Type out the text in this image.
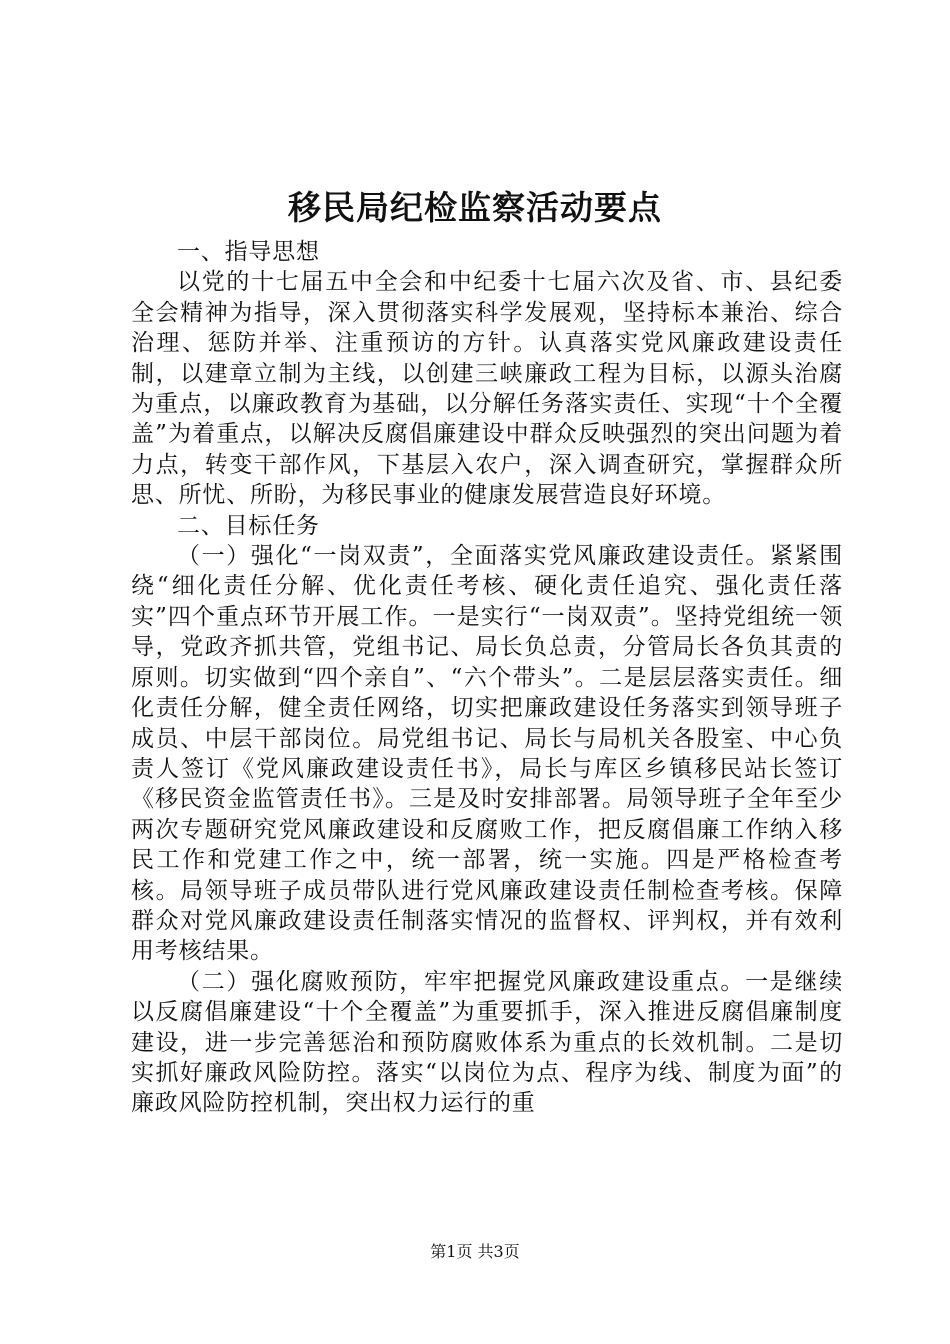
移民局纪检监察活动要点

一、指导思想

以党的十七届五中全会和中纪委十七届六次及省、市、县纪委全会精神为指导，深入贯彻落实科学发展观，坚持标本兼治、综合治理、惩防并举、注重预访的方针。认真落实党风廉政建设责任制，以建章立制为主线，以创建三峡廉政工程为目标，以源头治腐为重点，以廉政教育为基础，以分解任务落实责任、实现“十个全覆盖”为着重点，以解决反腐倡廉建设中群众反映强烈的突出问题为着力点，转变干部作风，下基层入农户，深入调查研究，掌握群众所思、所忧、所盼，为移民事业的健康发展营造良好环境。

二、目标任务

（一）强化“一岗双责”，全面落实党风廉政建设责任。紧紧围绕“细化责任分解、优化责任考核、硬化责任追究、强化责任落实”四个重点环节开展工作。一是实行“一岗双责”。坚持党组统一领导，党政齐抓共管，党组书记、局长负总责，分管局长各负其责的原则。切实做到“四个亲自”、“六个带头”。二是层层落实责任。细化责任分解，健全责任网络，切实把廉政建设任务落实到领导班子成员、中层干部岗位。局党组书记、局长与局机关各股室、中心负责人签订《党风廉政建设责任书》，局长与库区乡镇移民站长签订《移民资金监管责任书》。三是及时安排部署。局领导班子全年至少两次专题研究党风廉政建设和反腐败工作，把反腐倡廉工作纳入移民工作和党建工作之中，统一部署，统一实施。四是严格检查考核。局领导班子成员带队进行党风廉政建设责任制检查考核。保障群众对党风廉政建设责任制落实情况的监督权、评判权，并有效利用考核结果。

（二）强化腐败预防，牢牢把握党风廉政建设重点。一是继续以反腐倡廉建设“十个全覆盖”为重要抓手，深入推进反腐倡廉制度建设，进一步完善惩治和预防腐败体系为重点的长效机制。二是切实抓好廉政风险防控。落实“以岗位为点、程序为线、制度为面”的廉政风险防控机制，突出权力运行的重

第1页 共3页
